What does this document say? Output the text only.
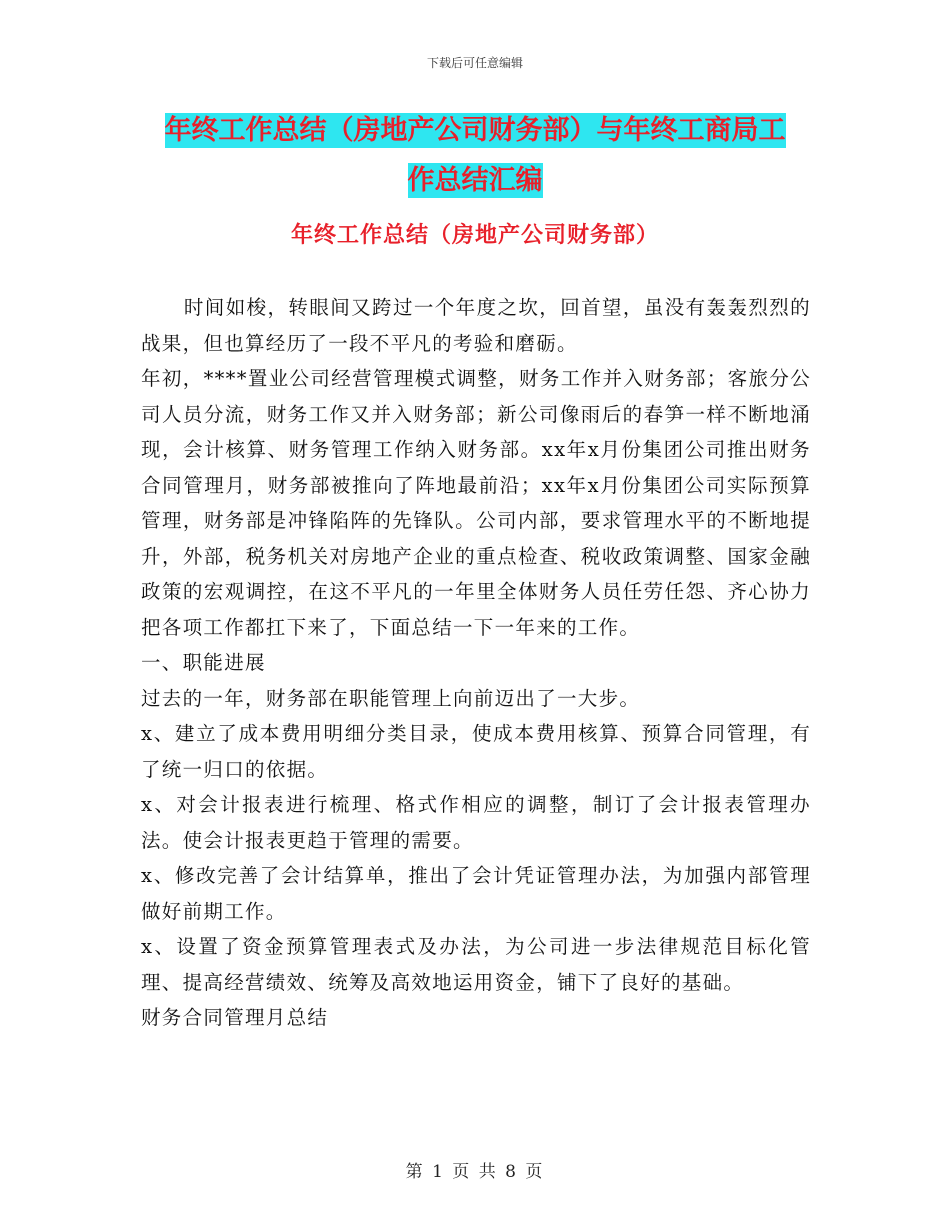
下载后可任意编辑
年终工作总结（房地产公司财务部）与年终工商局工
作总结汇编
年终工作总结（房地产公司财务部）

时间如梭，转眼间又跨过一个年度之坎，回首望，虽没有轰轰烈烈的战果，但也算经历了一段不平凡的考验和磨砺。

年初，****置业公司经营管理模式调整，财务工作并入财务部；客旅分公司人员分流，财务工作又并入财务部；新公司像雨后的春笋一样不断地涌现，会计核算、财务管理工作纳入财务部。xx年x月份集团公司推出财务合同管理月，财务部被推向了阵地最前沿；xx年x月份集团公司实际预算管理，财务部是冲锋陷阵的先锋队。公司内部，要求管理水平的不断地提升，外部，税务机关对房地产企业的重点检查、税收政策调整、国家金融政策的宏观调控，在这不平凡的一年里全体财务人员任劳任怨、齐心协力把各项工作都扛下来了，下面总结一下一年来的工作。

一、职能进展

过去的一年，财务部在职能管理上向前迈出了一大步。

x、建立了成本费用明细分类目录，使成本费用核算、预算合同管理，有了统一归口的依据。

x、对会计报表进行梳理、格式作相应的调整，制订了会计报表管理办法。使会计报表更趋于管理的需要。

x、修改完善了会计结算单，推出了会计凭证管理办法，为加强内部管理做好前期工作。

x、设置了资金预算管理表式及办法，为公司进一步法律规范目标化管理、提高经营绩效、统筹及高效地运用资金，铺下了良好的基础。

财务合同管理月总结

第 1 页 共 8 页
